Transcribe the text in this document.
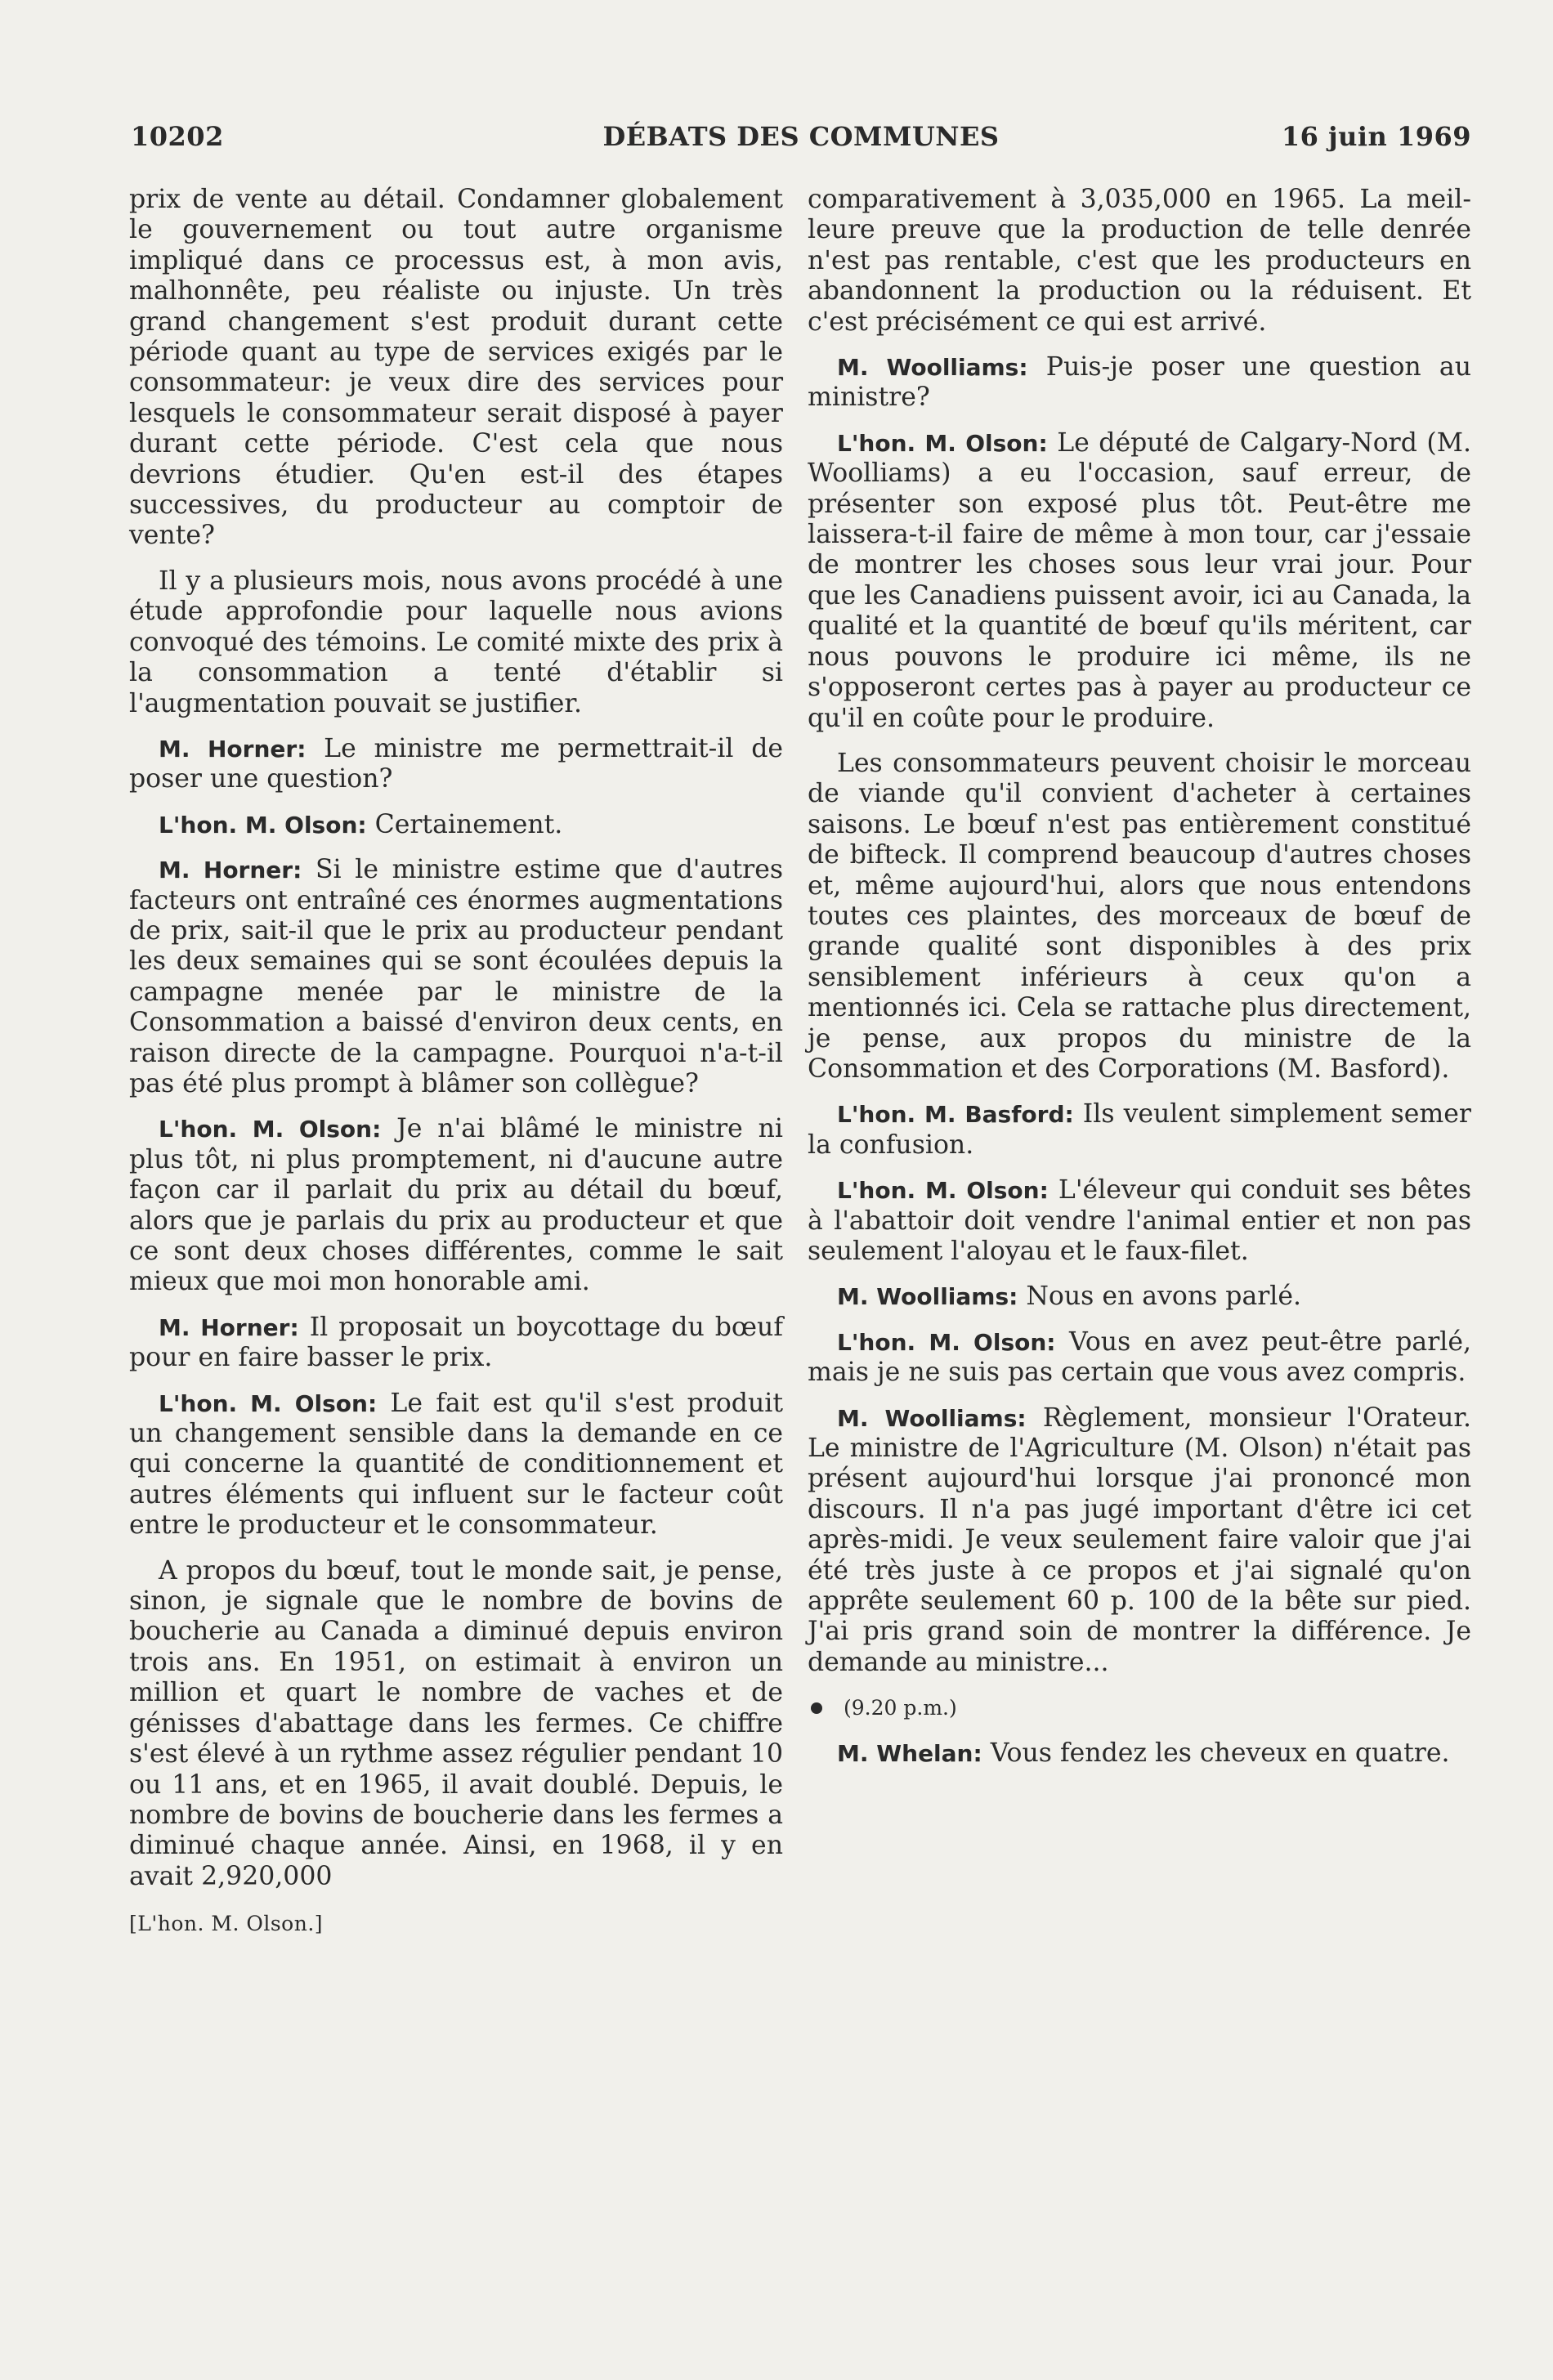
10202	DÉBATS DES COMMUNES	16 juin 1969

prix de vente au détail. Condamner globalement le gouvernement ou tout autre organisme impliqué dans ce processus est, à mon avis, malhonnête, peu réaliste ou injuste. Un très grand changement s'est produit durant cette période quant au type de services exigés par le consommateur: je veux dire des services pour lesquels le consommateur serait disposé à payer durant cette période. C'est cela que nous devrions étudier. Qu'en est-il des étapes successives, du producteur au comptoir de vente?

Il y a plusieurs mois, nous avons procédé à une étude approfondie pour laquelle nous avions convoqué des témoins. Le comité mixte des prix à la consommation a tenté d'établir si l'augmentation pouvait se justifier.

M. Horner: Le ministre me permettrait-il de poser une question?

L'hon. M. Olson: Certainement.

M. Horner: Si le ministre estime que d'autres facteurs ont entraîné ces énormes augmentations de prix, sait-il que le prix au producteur pendant les deux semaines qui se sont écoulées depuis la campagne menée par le ministre de la Consommation a baissé d'environ deux cents, en raison directe de la campagne. Pourquoi n'a-t-il pas été plus prompt à blâmer son collègue?

L'hon. M. Olson: Je n'ai blâmé le ministre ni plus tôt, ni plus promptement, ni d'aucune autre façon car il parlait du prix au détail du bœuf, alors que je parlais du prix au producteur et que ce sont deux choses différentes, comme le sait mieux que moi mon honorable ami.

M. Horner: Il proposait un boycottage du bœuf pour en faire basser le prix.

L'hon. M. Olson: Le fait est qu'il s'est produit un changement sensible dans la demande en ce qui concerne la quantité de conditionnement et autres éléments qui influent sur le facteur coût entre le producteur et le consommateur.

A propos du bœuf, tout le monde sait, je pense, sinon, je signale que le nombre de bovins de boucherie au Canada a diminué depuis environ trois ans. En 1951, on estimait à environ un million et quart le nombre de vaches et de génisses d'abattage dans les fermes. Ce chiffre s'est élevé à un rythme assez régulier pendant 10 ou 11 ans, et en 1965, il avait doublé. Depuis, le nombre de bovins de boucherie dans les fermes a diminué chaque année. Ainsi, en 1968, il y en avait 2,920,000

[L'hon. M. Olson.]

comparativement à 3,035,000 en 1965. La meilleure preuve que la production de telle denrée n'est pas rentable, c'est que les producteurs en abandonnent la production ou la réduisent. Et c'est précisément ce qui est arrivé.

M. Woolliams: Puis-je poser une question au ministre?

L'hon. M. Olson: Le député de Calgary-Nord (M. Woolliams) a eu l'occasion, sauf erreur, de présenter son exposé plus tôt. Peut-être me laissera-t-il faire de même à mon tour, car j'essaie de montrer les choses sous leur vrai jour. Pour que les Canadiens puissent avoir, ici au Canada, la qualité et la quantité de bœuf qu'ils méritent, car nous pouvons le produire ici même, ils ne s'opposeront certes pas à payer au producteur ce qu'il en coûte pour le produire.

Les consommateurs peuvent choisir le morceau de viande qu'il convient d'acheter à certaines saisons. Le bœuf n'est pas entièrement constitué de bifteck. Il comprend beaucoup d'autres choses et, même aujourd'hui, alors que nous entendons toutes ces plaintes, des morceaux de bœuf de grande qualité sont disponibles à des prix sensiblement inférieurs à ceux qu'on a mentionnés ici. Cela se rattache plus directement, je pense, aux propos du ministre de la Consommation et des Corporations (M. Basford).

L'hon. M. Basford: Ils veulent simplement semer la confusion.

L'hon. M. Olson: L'éleveur qui conduit ses bêtes à l'abattoir doit vendre l'animal entier et non pas seulement l'aloyau et le faux-filet.

M. Woolliams: Nous en avons parlé.

L'hon. M. Olson: Vous en avez peut-être parlé, mais je ne suis pas certain que vous avez compris.

M. Woolliams: Règlement, monsieur l'Orateur. Le ministre de l'Agriculture (M. Olson) n'était pas présent aujourd'hui lorsque j'ai prononcé mon discours. Il n'a pas jugé important d'être ici cet après-midi. Je veux seulement faire valoir que j'ai été très juste à ce propos et j'ai signalé qu'on apprête seulement 60 p. 100 de la bête sur pied. J'ai pris grand soin de montrer la différence. Je demande au ministre...

(9.20 p.m.)

M. Whelan: Vous fendez les cheveux en quatre.
